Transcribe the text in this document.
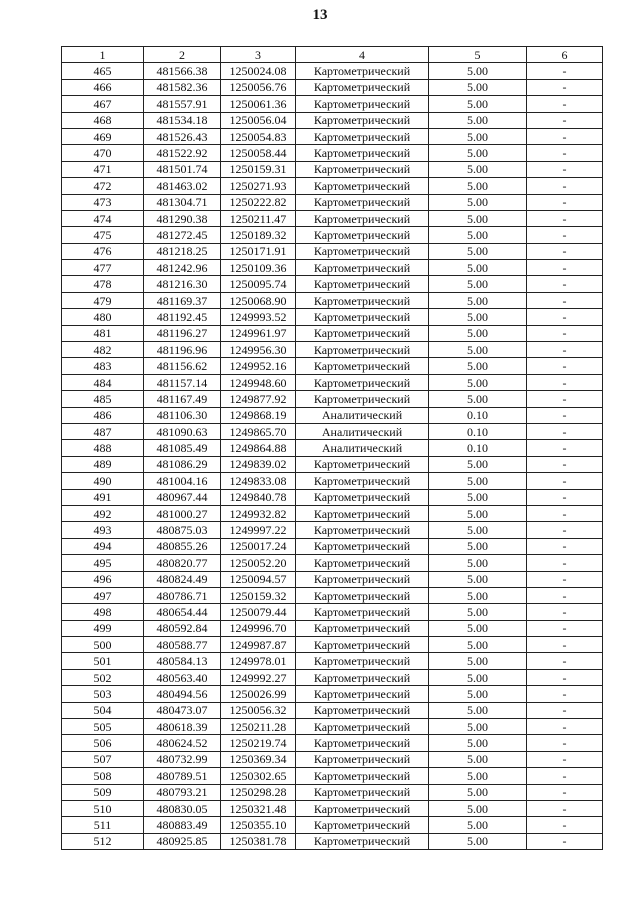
13
1	2	3	4	5	6
465	481566.38	1250024.08	Картометрический	5.00	-
466	481582.36	1250056.76	Картометрический	5.00	-
467	481557.91	1250061.36	Картометрический	5.00	-
468	481534.18	1250056.04	Картометрический	5.00	-
469	481526.43	1250054.83	Картометрический	5.00	-
470	481522.92	1250058.44	Картометрический	5.00	-
471	481501.74	1250159.31	Картометрический	5.00	-
472	481463.02	1250271.93	Картометрический	5.00	-
473	481304.71	1250222.82	Картометрический	5.00	-
474	481290.38	1250211.47	Картометрический	5.00	-
475	481272.45	1250189.32	Картометрический	5.00	-
476	481218.25	1250171.91	Картометрический	5.00	-
477	481242.96	1250109.36	Картометрический	5.00	-
478	481216.30	1250095.74	Картометрический	5.00	-
479	481169.37	1250068.90	Картометрический	5.00	-
480	481192.45	1249993.52	Картометрический	5.00	-
481	481196.27	1249961.97	Картометрический	5.00	-
482	481196.96	1249956.30	Картометрический	5.00	-
483	481156.62	1249952.16	Картометрический	5.00	-
484	481157.14	1249948.60	Картометрический	5.00	-
485	481167.49	1249877.92	Картометрический	5.00	-
486	481106.30	1249868.19	Аналитический	0.10	-
487	481090.63	1249865.70	Аналитический	0.10	-
488	481085.49	1249864.88	Аналитический	0.10	-
489	481086.29	1249839.02	Картометрический	5.00	-
490	481004.16	1249833.08	Картометрический	5.00	-
491	480967.44	1249840.78	Картометрический	5.00	-
492	481000.27	1249932.82	Картометрический	5.00	-
493	480875.03	1249997.22	Картометрический	5.00	-
494	480855.26	1250017.24	Картометрический	5.00	-
495	480820.77	1250052.20	Картометрический	5.00	-
496	480824.49	1250094.57	Картометрический	5.00	-
497	480786.71	1250159.32	Картометрический	5.00	-
498	480654.44	1250079.44	Картометрический	5.00	-
499	480592.84	1249996.70	Картометрический	5.00	-
500	480588.77	1249987.87	Картометрический	5.00	-
501	480584.13	1249978.01	Картометрический	5.00	-
502	480563.40	1249992.27	Картометрический	5.00	-
503	480494.56	1250026.99	Картометрический	5.00	-
504	480473.07	1250056.32	Картометрический	5.00	-
505	480618.39	1250211.28	Картометрический	5.00	-
506	480624.52	1250219.74	Картометрический	5.00	-
507	480732.99	1250369.34	Картометрический	5.00	-
508	480789.51	1250302.65	Картометрический	5.00	-
509	480793.21	1250298.28	Картометрический	5.00	-
510	480830.05	1250321.48	Картометрический	5.00	-
511	480883.49	1250355.10	Картометрический	5.00	-
512	480925.85	1250381.78	Картометрический	5.00	-
